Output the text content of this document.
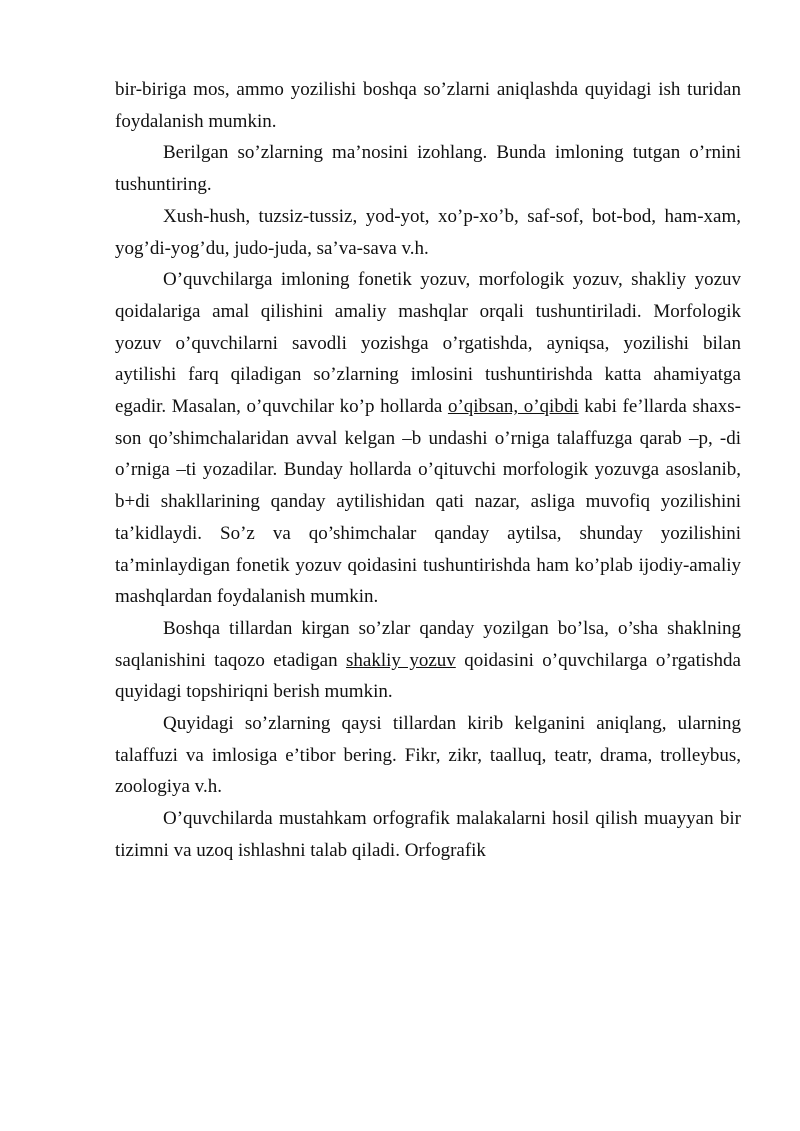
bir-biriga mos, ammo yozilishi boshqa so’zlarni aniqlashda quyidagi ish turidan foydalanish mumkin.

Berilgan so’zlarning ma’nosini izohlang. Bunda imloning tutgan o’rnini tushuntiring.

Xush-hush, tuzsiz-tussiz, yod-yot, xo’p-xo’b, saf-sof, bot-bod, ham-xam, yog’di-yog’du, judo-juda, sa’va-sava v.h.

O’quvchilarga imloning fonetik yozuv, morfologik yozuv, shakliy yozuv qoidalariga amal qilishini amaliy mashqlar orqali tushuntiriladi. Morfologik yozuv o’quvchilarni savodli yozishga o’rgatishda, ayniqsa, yozilishi bilan aytilishi farq qiladigan so’zlarning imlosini tushuntirishda katta ahamiyatga egadir. Masalan, o’quvchilar ko’p hollarda o’qibsan, o’qibdi kabi fe’llarda shaxs-son qo’shimchalaridan avval kelgan –b undashi o’rniga talaffuzga qarab –p, -di o’rniga –ti yozadilar. Bunday hollarda o’qituvchi morfologik yozuvga asoslanib, b+di shakllarining qanday aytilishidan qati nazar, asliga muvofiq yozilishini ta’kidlaydi. So’z va qo’shimchalar qanday aytilsa, shunday yozilishini ta’minlaydigan fonetik yozuv qoidasini tushuntirishda ham ko’plab ijodiy-amaliy mashqlardan foydalanish mumkin.

Boshqa tillardan kirgan so’zlar qanday yozilgan bo’lsa, o’sha shaklning saqlanishini taqozo etadigan shakliy yozuv qoidasini o’quvchilarga o’rgatishda quyidagi topshiriqni berish mumkin.

Quyidagi so’zlarning qaysi tillardan kirib kelganini aniqlang, ularning talaffuzi va imlosiga e’tibor bering. Fikr, zikr, taalluq, teatr, drama, trolleybus, zoologiya v.h.

O’quvchilarda mustahkam orfografik malakalarni hosil qilish muayyan bir tizimni va uzoq ishlashni talab qiladi. Orfografik
